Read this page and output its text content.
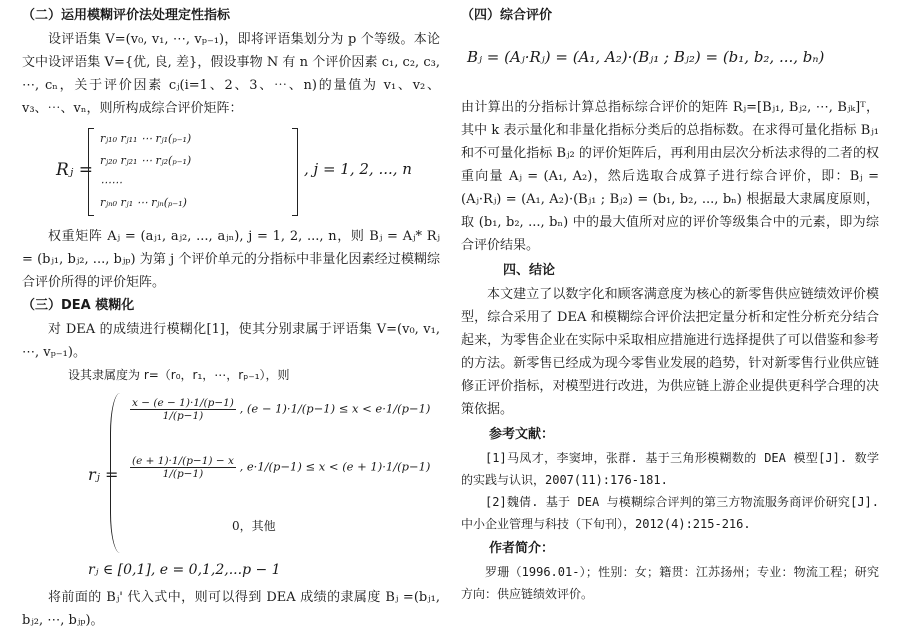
（二）运用模糊评价法处理定性指标
设评语集 V=(v₀, v₁, ⋯, vₚ₋₁)，即将评语集划分为 p 个等级。本论文中设评语集 V={优, 良, 差}，假设事物 N 有 n 个评价因素 c₁, c₂, c₃, ⋯, cₙ，关于评价因素 cⱼ(i=1、2、3、⋯、n)的量值为 v₁、v₂、v₃、⋯、vₙ，则所构成综合评价矩阵：
Rⱼ =
rⱼ₁₀ rⱼ₁₁ ⋯ rⱼ₁(ₚ₋₁)
rⱼ₂₀ rⱼ₂₁ ⋯ rⱼ₂(ₚ₋₁)
⋯⋯
rⱼₙ₀ rⱼ₁ ⋯ rⱼₙ(ₚ₋₁)
, j = 1, 2, ..., n
权重矩阵 Aⱼ = (aⱼ₁, aⱼ₂, ..., aⱼₙ), j = 1, 2, ..., n，则 Bⱼ = Aⱼ* Rⱼ = (bⱼ₁, bⱼ₂, ..., bⱼₚ) 为第 j 个评价单元的分指标中非量化因素经过模糊综合评价所得的评价矩阵。
（三）DEA 模糊化
对 DEA 的成绩进行模糊化[1]，使其分别隶属于评语集 V=(v₀, v₁, ⋯, vₚ₋₁)。
设其隶属度为 r=（r₀，r₁，⋯，rₚ₋₁），则
rⱼ =
$\frac{x - (e - 1)\cdot 1/(p-1)}{1/(p-1)}$ , (e − 1)·1/(p−1) ≤ x < e·1/(p−1)
$\frac{(e + 1)\cdot 1/(p-1) - x}{1/(p-1)}$ , e·1/(p−1) ≤ x < (e + 1)·1/(p−1)
0，其他
rⱼ ∈ [0,1], e = 0,1,2,...p − 1
将前面的 Bⱼ' 代入式中，则可以得到 DEA 成绩的隶属度 Bⱼ =(bⱼ₁, bⱼ₂, ⋯, bⱼₚ)。
（四）综合评价
Bⱼ = (Aⱼ·Rⱼ) = (A₁, A₂)·(Bⱼ₁ ; Bⱼ₂) = (b₁, b₂, ..., bₙ)
由计算出的分指标计算总指标综合评价的矩阵 Rⱼ=[Bⱼ₁, Bⱼ₂, ⋯, Bⱼₖ]ᵀ，其中 k 表示量化和非量化指标分类后的总指标数。在求得可量化指标 Bⱼ₁ 和不可量化指标 Bⱼ₂ 的评价矩阵后，再利用由层次分析法求得的二者的权重向量 Aⱼ = (A₁, A₂)，然后选取合成算子进行综合评价，即：Bⱼ = (Aⱼ·Rⱼ) = (A₁, A₂)·(Bⱼ₁ ; Bⱼ₂) = (b₁, b₂, ..., bₙ) 根据最大隶属度原则，取 (b₁, b₂, ..., bₙ) 中的最大值所对应的评价等级集合中的元素，即为综合评价结果。
四、结论
本文建立了以数字化和顾客满意度为核心的新零售供应链绩效评价模型，综合采用了 DEA 和模糊综合评价法把定量分析和定性分析充分结合起来，为零售企业在实际中采取相应措施进行选择提供了可以借鉴和参考的方法。新零售已经成为现今零售业发展的趋势，针对新零售行业供应链修正评价指标，对模型进行改进，为供应链上游企业提供更科学合理的决策依据。
参考文献：
[1]马凤才，李窦坤，张群. 基于三角形模糊数的 DEA 模型[J]. 数学的实践与认识，2007(11):176-181.
[2]魏倩. 基于 DEA 与模糊综合评判的第三方物流服务商评价研究[J]. 中小企业管理与科技（下旬刊），2012(4):215-216.
作者简介：
罗珊（1996.01-）；性别：女；籍贯：江苏扬州；专业：物流工程；研究方向：供应链绩效评价。
